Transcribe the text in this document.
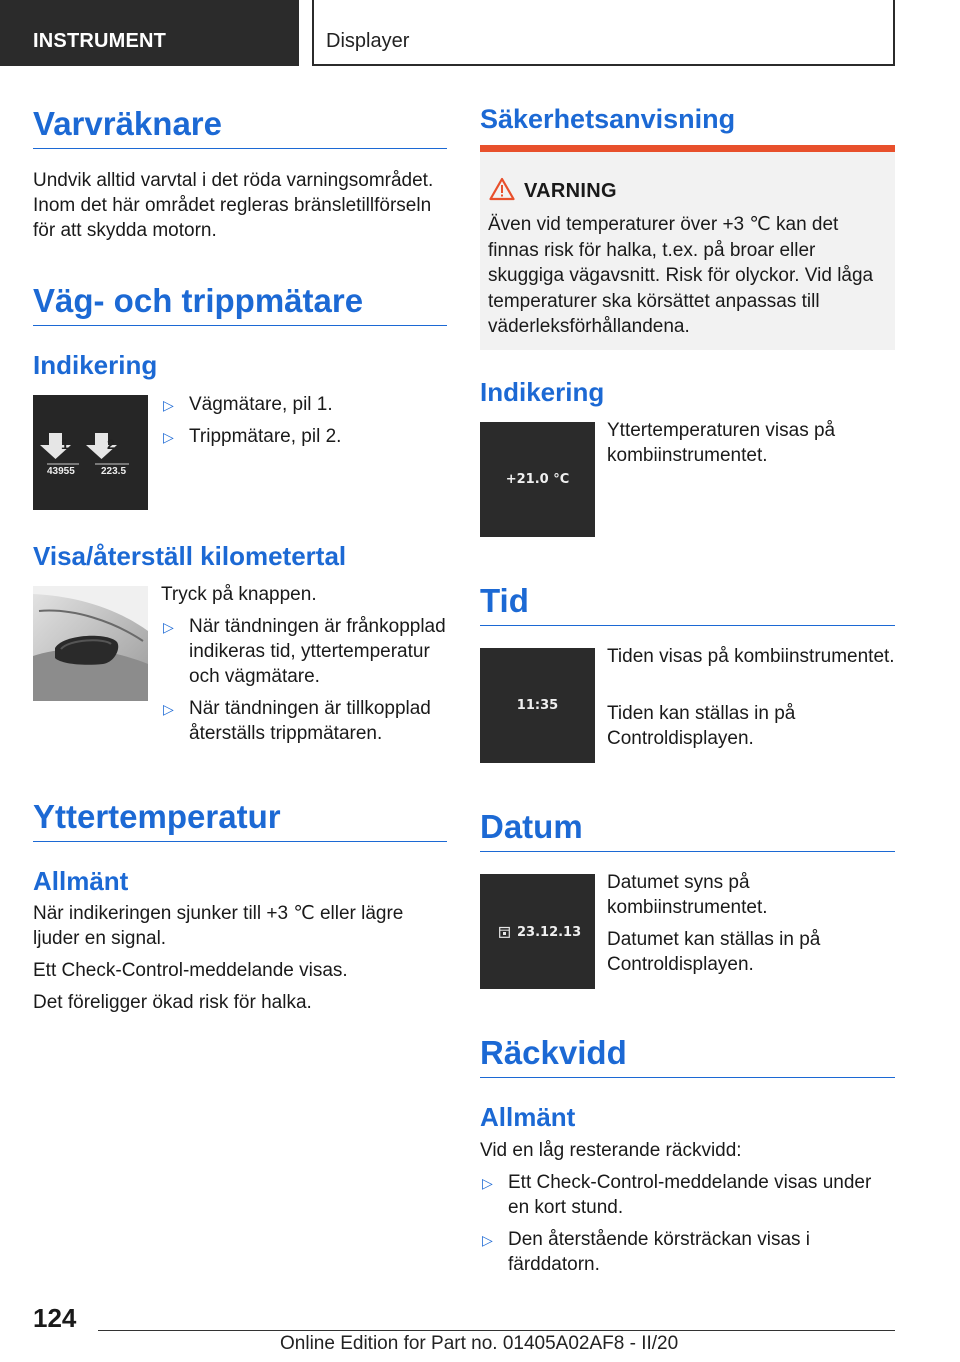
INSTRUMENT	Displayer
Varvräknare
Undvik alltid varvtal i det röda varningsområdet. Inom det här området regleras bränsletillförseln för att skydda motorn.
Väg- och trippmätare
Indikering
1	2
43955	223.5
▷ Vägmätare, pil 1.
▷ Trippmätare, pil 2.
Visa/återställ kilometertal
Tryck på knappen.
▷ När tändningen är frånkopplad indikeras tid, yttertemperatur och vägmätare.
▷ När tändningen är tillkopplad återställs trippmätaren.
Yttertemperatur
Allmänt
När indikeringen sjunker till +3 ℃ eller lägre ljuder en signal.
Ett Check-Control-meddelande visas.
Det föreligger ökad risk för halka.
Säkerhetsanvisning
VARNING
Även vid temperaturer över +3 ℃ kan det finnas risk för halka, t.ex. på broar eller skuggiga vägavsnitt. Risk för olyckor. Vid låga temperaturer ska körsättet anpassas till väderleksförhållandena.
Indikering
+21.0 °C
Yttertemperaturen visas på kombiinstrumentet.
Tid
11:35
Tiden visas på kombiinstrumentet.
Tiden kan ställas in på Controldisplayen.
Datum
23.12.13
Datumet syns på kombiinstrumentet.
Datumet kan ställas in på Controldisplayen.
Räckvidd
Allmänt
Vid en låg resterande räckvidd:
▷ Ett Check-Control-meddelande visas under en kort stund.
▷ Den återstående körsträckan visas i färddatorn.
124
Online Edition for Part no. 01405A02AF8 - II/20
